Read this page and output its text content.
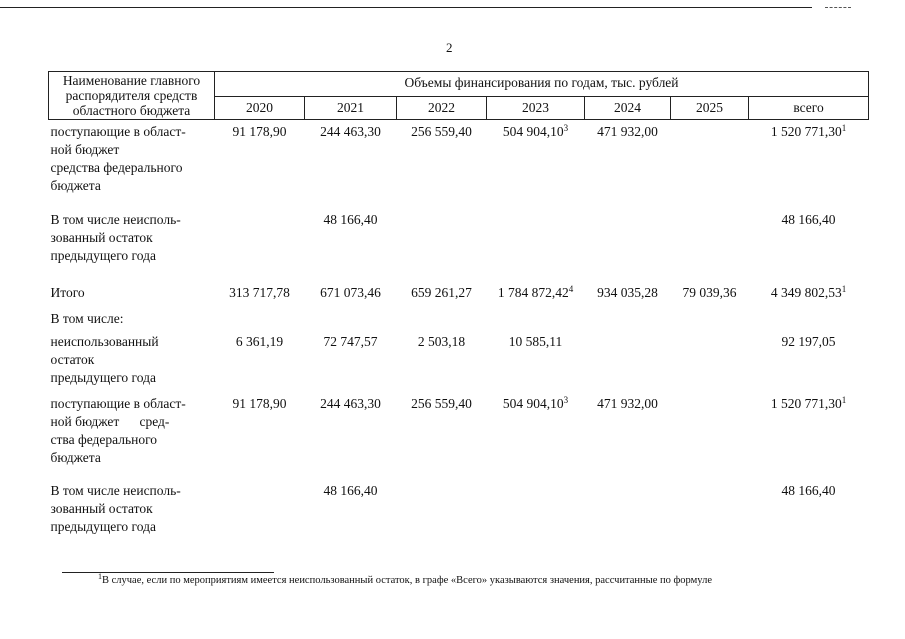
2
Наименование главного распорядителя средств областного бюджета	Объемы финансирования по годам, тыс. рублей						
	2020	2021	2022	2023	2024	2025	всего

поступающие в област-
ной бюджет
средства федерального
бюджета	91 178,90	244 463,30	256 559,40	504 904,10$^3$	471 932,00		1 520 771,30$^1$

В том числе неисполь-
зованный остаток
предыдущего года		48 166,40					48 166,40

Итого	313 717,78	671 073,46	659 261,27	1 784 872,42$^4$	934 035,28	79 039,36	4 349 802,53$^1$

В том числе:							

неиспользованный
остаток
предыдущего года	6 361,19	72 747,57	2 503,18	10 585,11			92 197,05

поступающие в област-
ной бюджет      сред-
ства федерального
бюджета	91 178,90	244 463,30	256 559,40	504 904,10$^3$	471 932,00		1 520 771,30$^1$

В том числе неисполь-
зованный остаток
предыдущего года		48 166,40					48 166,40
$^1$В случае, если по мероприятиям имеется неиспользованный остаток, в графе «Всего» указываются значения, рассчитанные по формуле
